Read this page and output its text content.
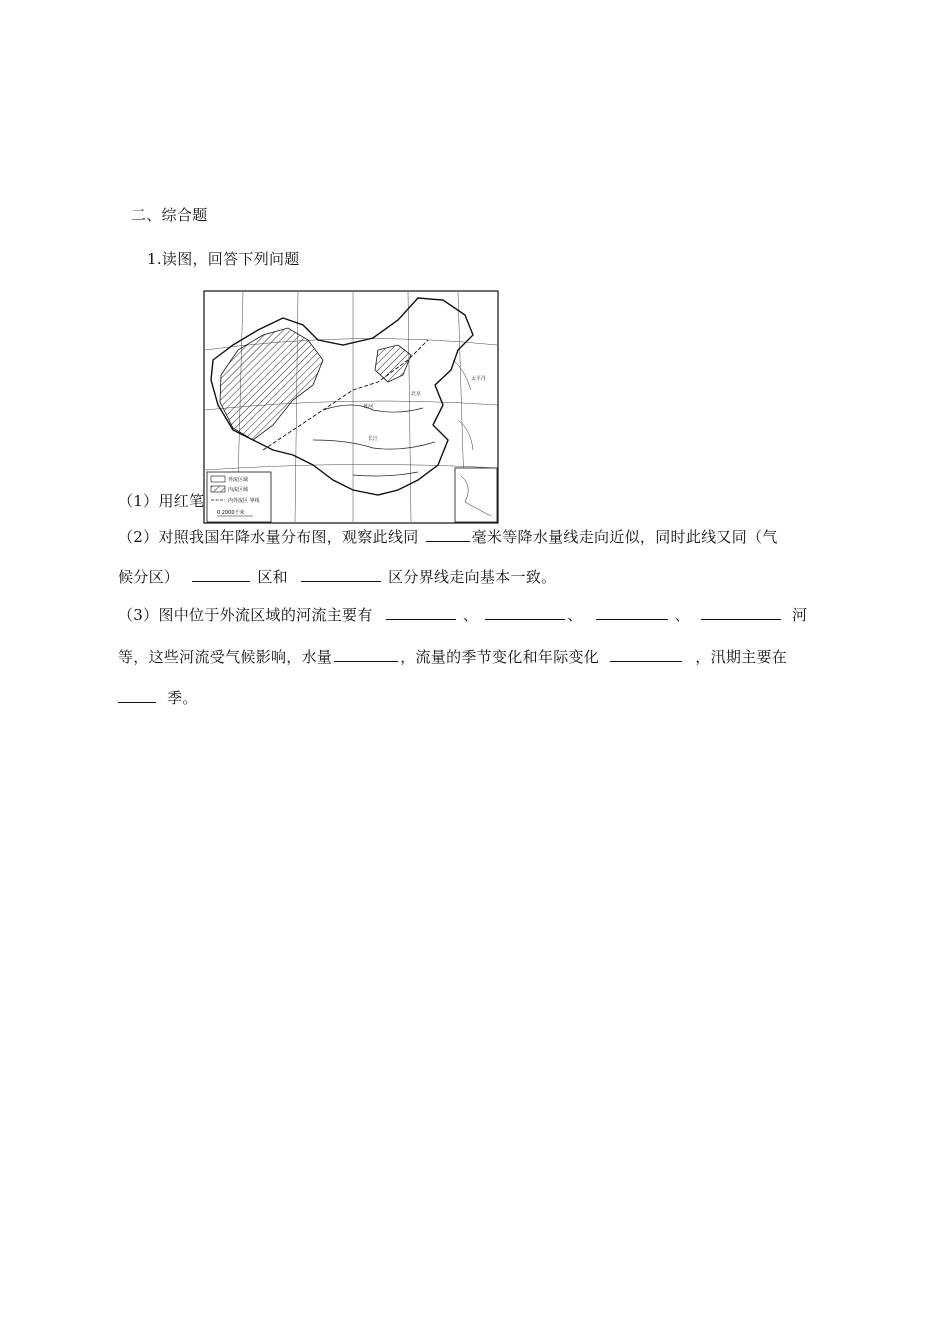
二、综合题
1.读图，回答下列问题
北京
黄河
长江
太平洋
外流区域
内流区域
内外流区 界线
0 2000千米
（1）用红笔
（2）对照我国年降水量分布图，观察此线同	毫米等降水量线走向近似，同时此线又同（气
候分区）	区和	区分界线走向基本一致。
（3）图中位于外流区域的河流主要有	、	、	、	河
等，这些河流受气候影响，水量	，流量的季节变化和年际变化	，汛期主要在
季。
